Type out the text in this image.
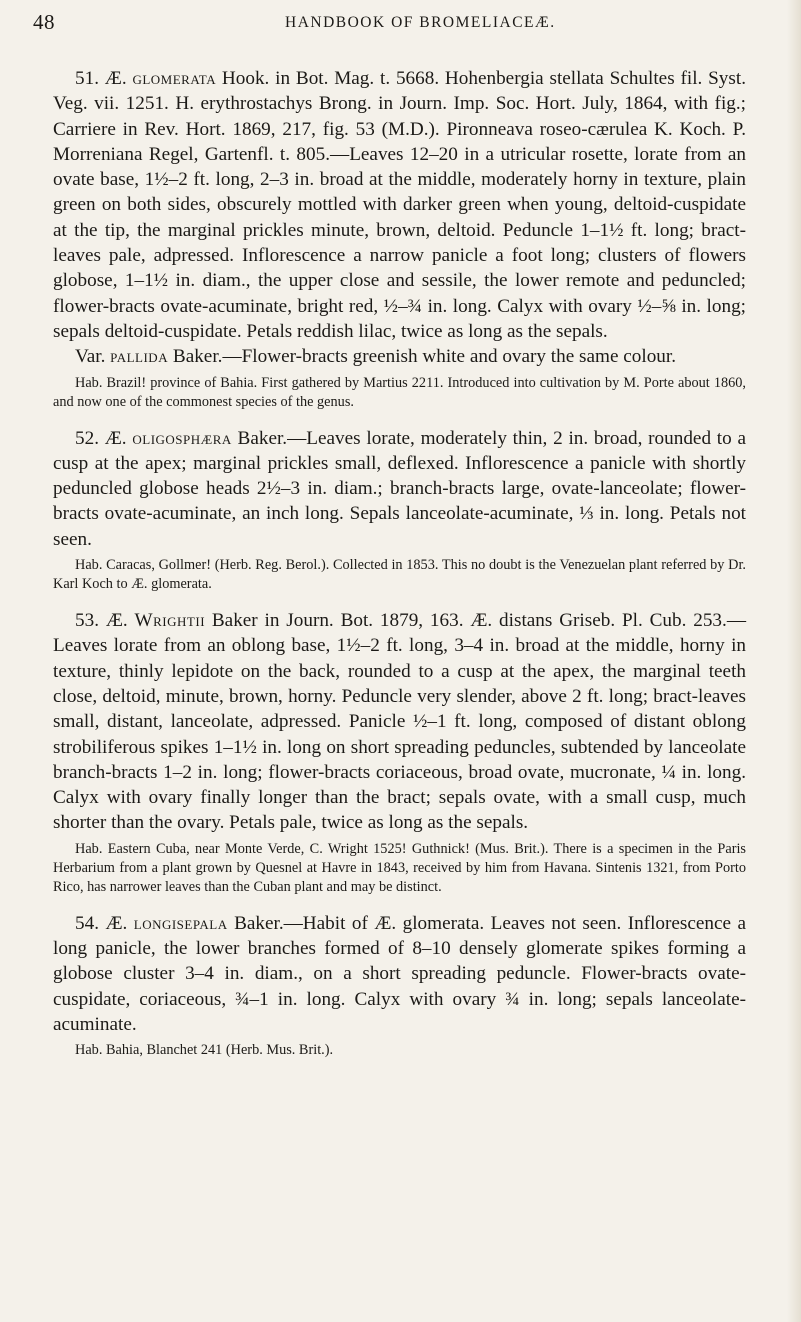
48	HANDBOOK OF BROMELIACEÆ.

51. Æ. glomerata Hook. in Bot. Mag. t. 5668. Hohenbergia stellata Schultes fil. Syst. Veg. vii. 1251. H. erythrostachys Brong. in Journ. Imp. Soc. Hort. July, 1864, with fig.; Carriere in Rev. Hort. 1869, 217, fig. 53 (M.D.). Pironneava roseo-cærulea K. Koch. P. Morreniana Regel, Gartenfl. t. 805.—Leaves 12–20 in a utricular rosette, lorate from an ovate base, 1½–2 ft. long, 2–3 in. broad at the middle, moderately horny in texture, plain green on both sides, obscurely mottled with darker green when young, deltoid-cuspidate at the tip, the marginal prickles minute, brown, deltoid. Peduncle 1–1½ ft. long; bract-leaves pale, adpressed. Inflorescence a narrow panicle a foot long; clusters of flowers globose, 1–1½ in. diam., the upper close and sessile, the lower remote and peduncled; flower-bracts ovate-acuminate, bright red, ½–¾ in. long. Calyx with ovary ½–⅝ in. long; sepals deltoid-cuspidate. Petals reddish lilac, twice as long as the sepals.

Var. pallida Baker.—Flower-bracts greenish white and ovary the same colour.

Hab. Brazil! province of Bahia. First gathered by Martius 2211. Introduced into cultivation by M. Porte about 1860, and now one of the commonest species of the genus.

52. Æ. oligosphæra Baker.—Leaves lorate, moderately thin, 2 in. broad, rounded to a cusp at the apex; marginal prickles small, deflexed. Inflorescence a panicle with shortly peduncled globose heads 2½–3 in. diam.; branch-bracts large, ovate-lanceolate; flower-bracts ovate-acuminate, an inch long. Sepals lanceolate-acuminate, ⅓ in. long. Petals not seen.

Hab. Caracas, Gollmer! (Herb. Reg. Berol.). Collected in 1853. This no doubt is the Venezuelan plant referred by Dr. Karl Koch to Æ. glomerata.

53. Æ. Wrightii Baker in Journ. Bot. 1879, 163. Æ. distans Griseb. Pl. Cub. 253.—Leaves lorate from an oblong base, 1½–2 ft. long, 3–4 in. broad at the middle, horny in texture, thinly lepidote on the back, rounded to a cusp at the apex, the marginal teeth close, deltoid, minute, brown, horny. Peduncle very slender, above 2 ft. long; bract-leaves small, distant, lanceolate, adpressed. Panicle ½–1 ft. long, composed of distant oblong strobiliferous spikes 1–1½ in. long on short spreading peduncles, subtended by lanceolate branch-bracts 1–2 in. long; flower-bracts coriaceous, broad ovate, mucronate, ¼ in. long. Calyx with ovary finally longer than the bract; sepals ovate, with a small cusp, much shorter than the ovary. Petals pale, twice as long as the sepals.

Hab. Eastern Cuba, near Monte Verde, C. Wright 1525! Guthnick! (Mus. Brit.). There is a specimen in the Paris Herbarium from a plant grown by Quesnel at Havre in 1843, received by him from Havana. Sintenis 1321, from Porto Rico, has narrower leaves than the Cuban plant and may be distinct.

54. Æ. longisepala Baker.—Habit of Æ. glomerata. Leaves not seen. Inflorescence a long panicle, the lower branches formed of 8–10 densely glomerate spikes forming a globose cluster 3–4 in. diam., on a short spreading peduncle. Flower-bracts ovate-cuspidate, coriaceous, ¾–1 in. long. Calyx with ovary ¾ in. long; sepals lanceolate-acuminate.

Hab. Bahia, Blanchet 241 (Herb. Mus. Brit.).
